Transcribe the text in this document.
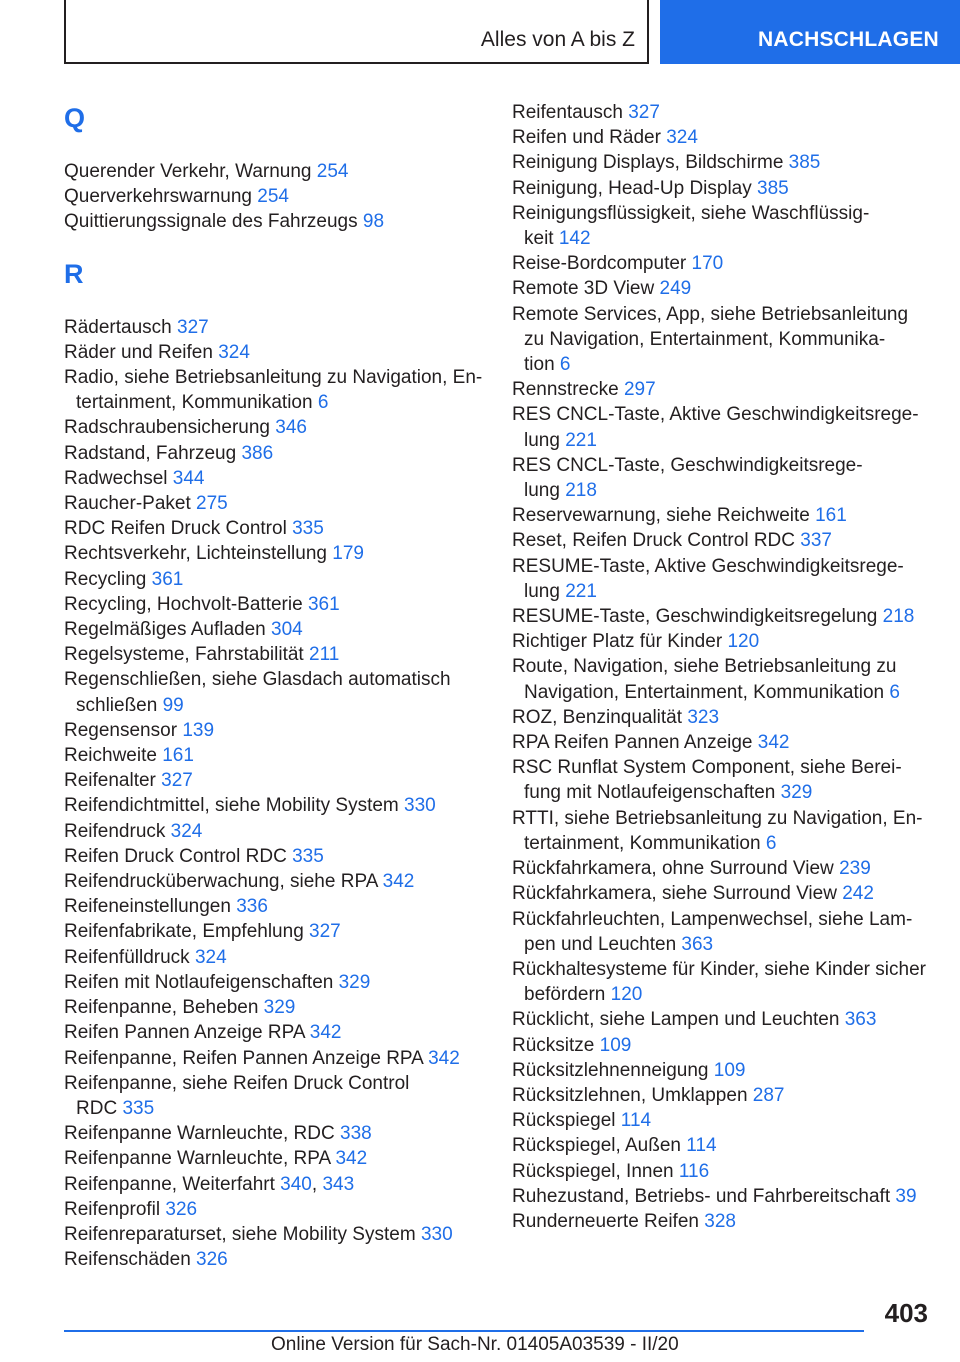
Alles von A bis Z	NACHSCHLAGEN
Q
Querender Verkehr, Warnung 254
Querverkehrswarnung 254
Quittierungssignale des Fahrzeugs 98
R
Rädertausch 327
Räder und Reifen 324
Radio, siehe Betriebsanleitung zu Navigation, En-
tertainment, Kommunikation 6
Radschraubensicherung 346
Radstand, Fahrzeug 386
Radwechsel 344
Raucher-Paket 275
RDC Reifen Druck Control 335
Rechtsverkehr, Lichteinstellung 179
Recycling 361
Recycling, Hochvolt-Batterie 361
Regelmäßiges Aufladen 304
Regelsysteme, Fahrstabilität 211
Regenschließen, siehe Glasdach automatisch
schließen 99
Regensensor 139
Reichweite 161
Reifenalter 327
Reifendichtmittel, siehe Mobility System 330
Reifendruck 324
Reifen Druck Control RDC 335
Reifendrucküberwachung, siehe RPA 342
Reifeneinstellungen 336
Reifenfabrikate, Empfehlung 327
Reifenfülldruck 324
Reifen mit Notlaufeigenschaften 329
Reifenpanne, Beheben 329
Reifen Pannen Anzeige RPA 342
Reifenpanne, Reifen Pannen Anzeige RPA 342
Reifenpanne, siehe Reifen Druck Control
RDC 335
Reifenpanne Warnleuchte, RDC 338
Reifenpanne Warnleuchte, RPA 342
Reifenpanne, Weiterfahrt 340, 343
Reifenprofil 326
Reifenreparaturset, siehe Mobility System 330
Reifenschäden 326
Reifentausch 327
Reifen und Räder 324
Reinigung Displays, Bildschirme 385
Reinigung, Head-Up Display 385
Reinigungsflüssigkeit, siehe Waschflüssig-
keit 142
Reise-Bordcomputer 170
Remote 3D View 249
Remote Services, App, siehe Betriebsanleitung
zu Navigation, Entertainment, Kommunika-
tion 6
Rennstrecke 297
RES CNCL-Taste, Aktive Geschwindigkeitsrege-
lung 221
RES CNCL-Taste, Geschwindigkeitsrege-
lung 218
Reservewarnung, siehe Reichweite 161
Reset, Reifen Druck Control RDC 337
RESUME-Taste, Aktive Geschwindigkeitsrege-
lung 221
RESUME-Taste, Geschwindigkeitsregelung 218
Richtiger Platz für Kinder 120
Route, Navigation, siehe Betriebsanleitung zu
Navigation, Entertainment, Kommunikation 6
ROZ, Benzinqualität 323
RPA Reifen Pannen Anzeige 342
RSC Runflat System Component, siehe Berei-
fung mit Notlaufeigenschaften 329
RTTI, siehe Betriebsanleitung zu Navigation, En-
tertainment, Kommunikation 6
Rückfahrkamera, ohne Surround View 239
Rückfahrkamera, siehe Surround View 242
Rückfahrleuchten, Lampenwechsel, siehe Lam-
pen und Leuchten 363
Rückhaltesysteme für Kinder, siehe Kinder sicher
befördern 120
Rücklicht, siehe Lampen und Leuchten 363
Rücksitze 109
Rücksitzlehnenneigung 109
Rücksitzlehnen, Umklappen 287
Rückspiegel 114
Rückspiegel, Außen 114
Rückspiegel, Innen 116
Ruhezustand, Betriebs- und Fahrbereitschaft 39
Runderneuerte Reifen 328
403
Online Version für Sach-Nr. 01405A03539 - II/20
